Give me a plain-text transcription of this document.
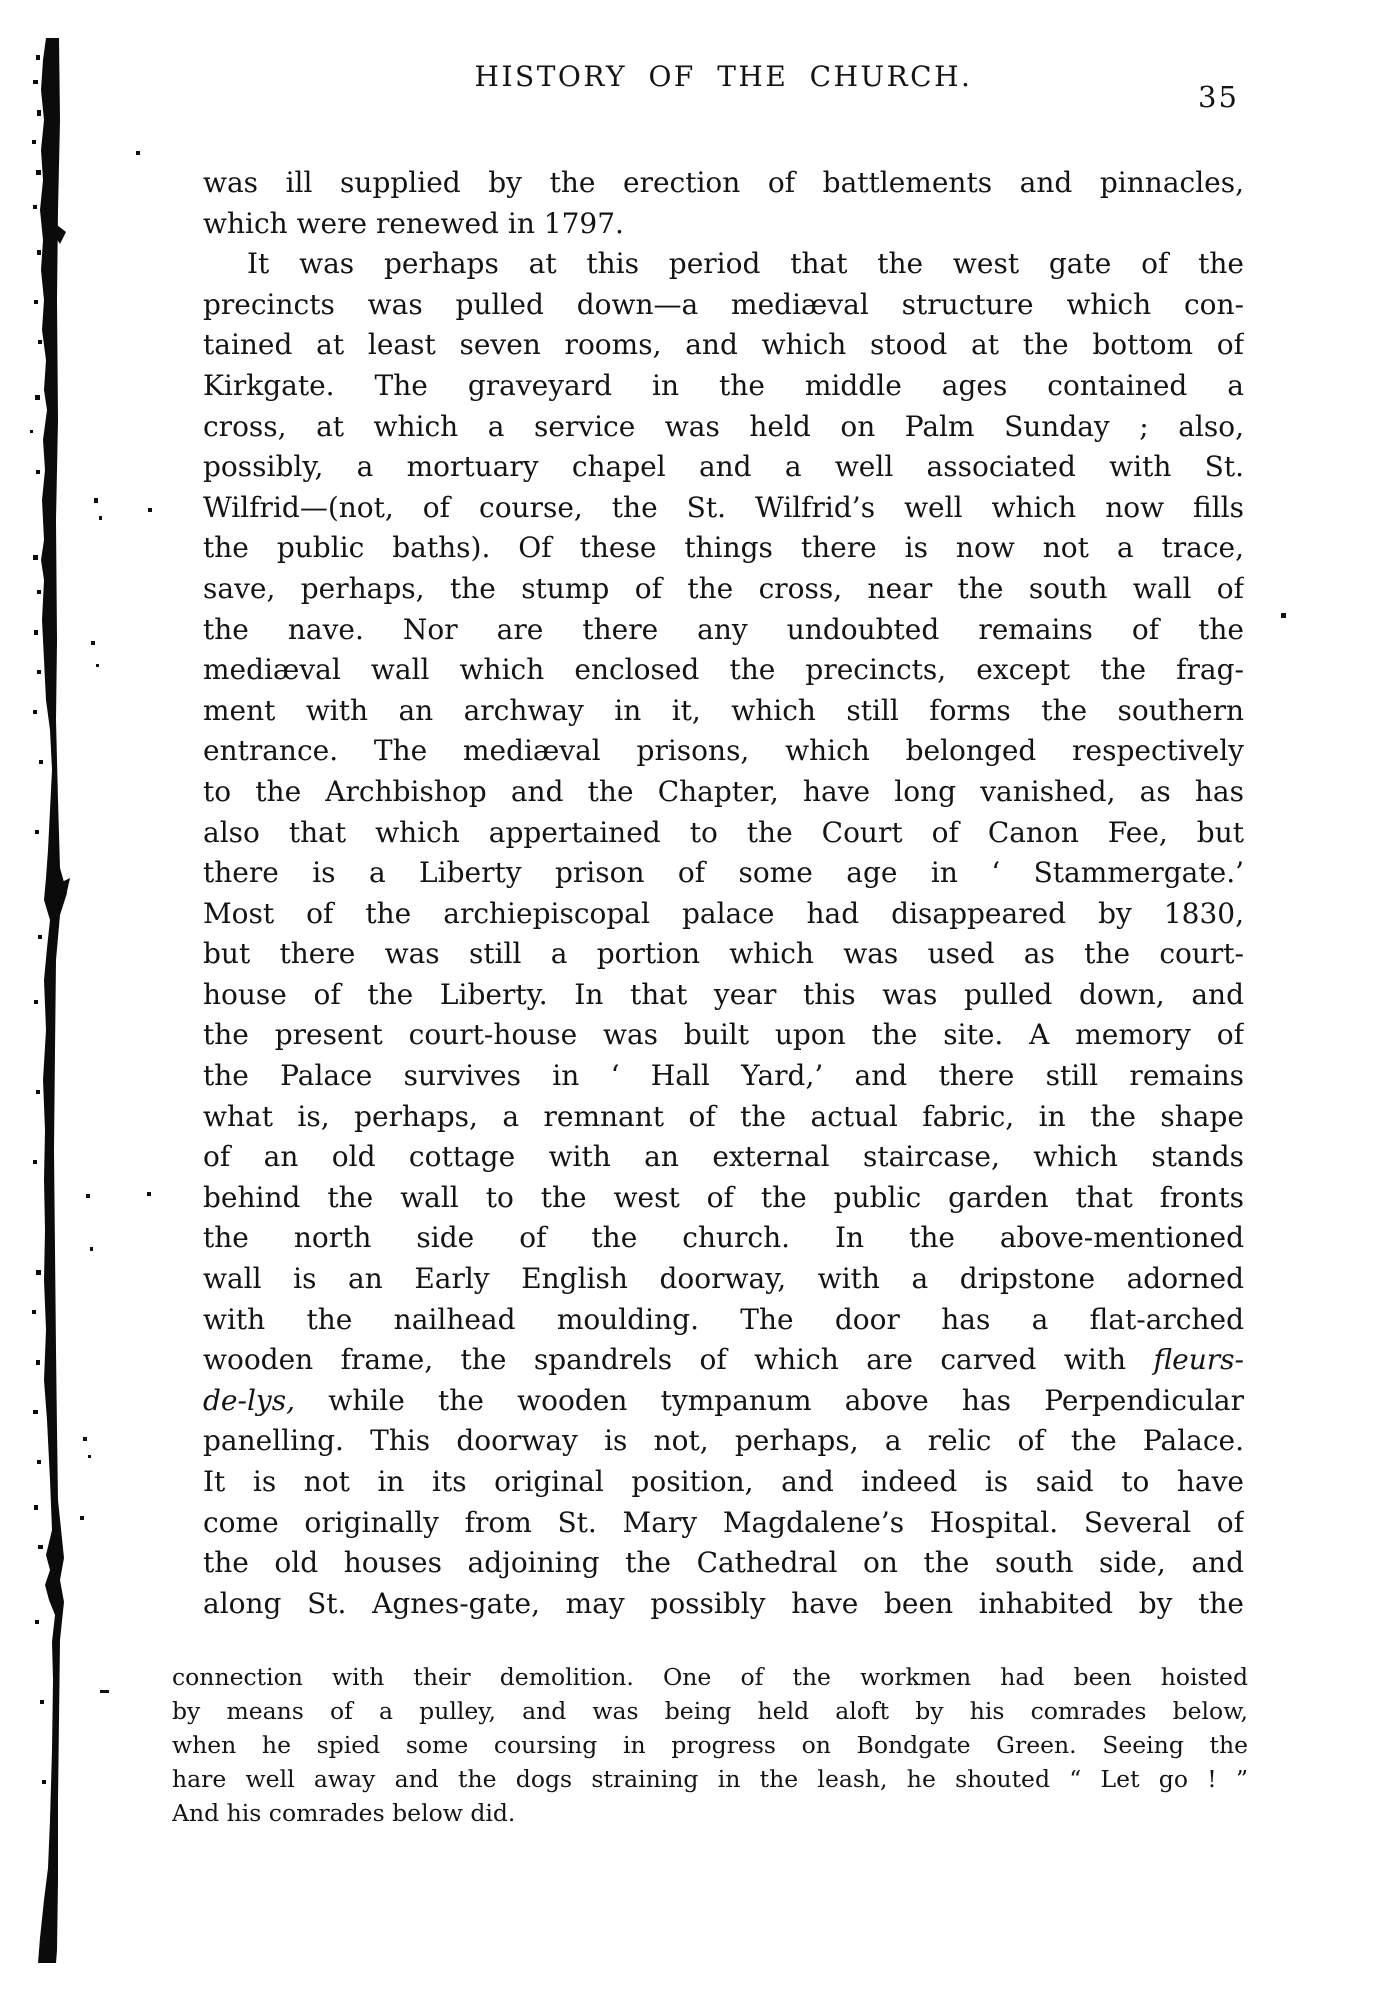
HISTORY OF THE CHURCH.
35
was ill supplied by the erection of battlements and pinnacles,
which were renewed in 1797.
It was perhaps at this period that the west gate of the
precincts was pulled down—a mediæval structure which con-
tained at least seven rooms, and which stood at the bottom of
Kirkgate. The graveyard in the middle ages contained a
cross, at which a service was held on Palm Sunday ; also,
possibly, a mortuary chapel and a well associated with St.
Wilfrid—(not, of course, the St. Wilfrid’s well which now fills
the public baths). Of these things there is now not a trace,
save, perhaps, the stump of the cross, near the south wall of
the nave. Nor are there any undoubted remains of the
mediæval wall which enclosed the precincts, except the frag-
ment with an archway in it, which still forms the southern
entrance. The mediæval prisons, which belonged respectively
to the Archbishop and the Chapter, have long vanished, as has
also that which appertained to the Court of Canon Fee, but
there is a Liberty prison of some age in ‘ Stammergate.’
Most of the archiepiscopal palace had disappeared by 1830,
but there was still a portion which was used as the court-
house of the Liberty. In that year this was pulled down, and
the present court-house was built upon the site. A memory of
the Palace survives in ‘ Hall Yard,’ and there still remains
what is, perhaps, a remnant of the actual fabric, in the shape
of an old cottage with an external staircase, which stands
behind the wall to the west of the public garden that fronts
the north side of the church. In the above-mentioned
wall is an Early English doorway, with a dripstone adorned
with the nailhead moulding. The door has a flat-arched
wooden frame, the spandrels of which are carved with fleurs-
de-lys, while the wooden tympanum above has Perpendicular
panelling. This doorway is not, perhaps, a relic of the Palace.
It is not in its original position, and indeed is said to have
come originally from St. Mary Magdalene’s Hospital. Several of
the old houses adjoining the Cathedral on the south side, and
along St. Agnes-gate, may possibly have been inhabited by the
connection with their demolition. One of the workmen had been hoisted
by means of a pulley, and was being held aloft by his comrades below,
when he spied some coursing in progress on Bondgate Green. Seeing the
hare well away and the dogs straining in the leash, he shouted “ Let go ! ”
And his comrades below did.
